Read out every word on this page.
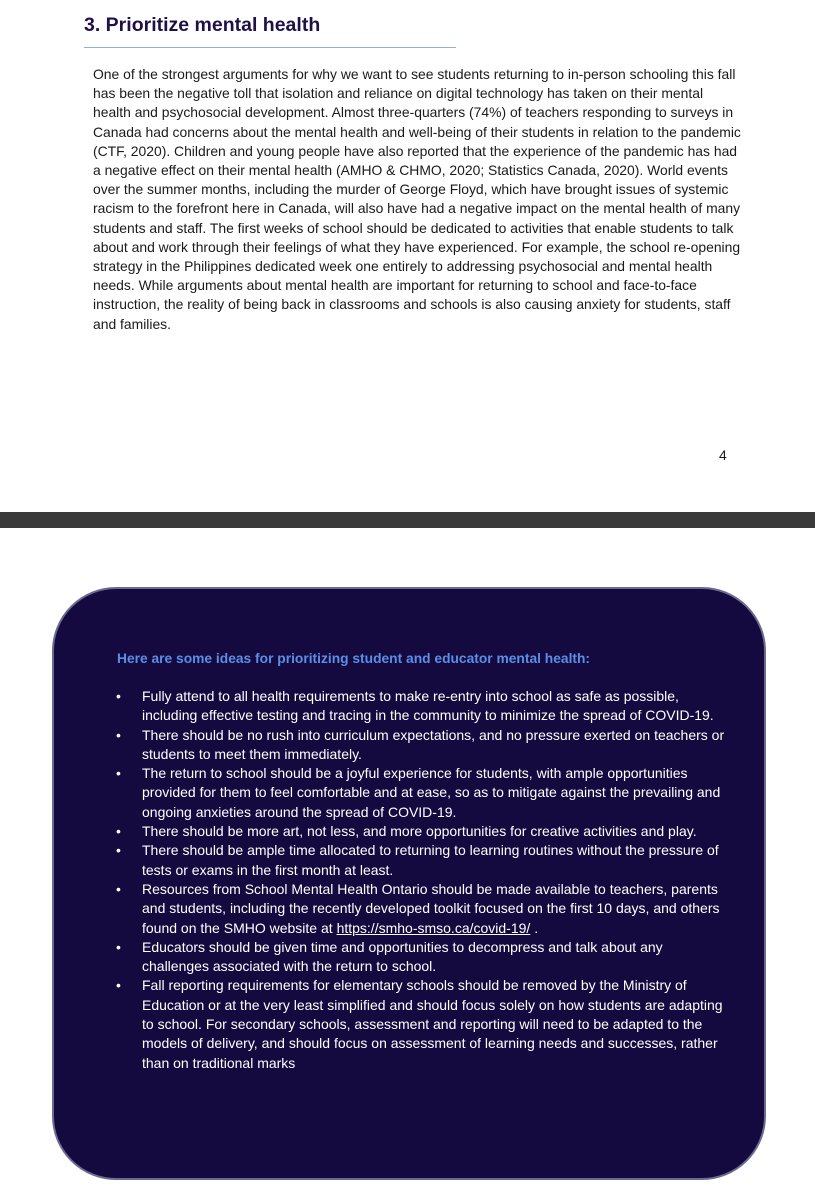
3. Prioritize mental health

One of the strongest arguments for why we want to see students returning to in-person schooling this fall has been the negative toll that isolation and reliance on digital technology has taken on their mental health and psychosocial development. Almost three-quarters (74%) of teachers responding to surveys in Canada had concerns about the mental health and well-being of their students in relation to the pandemic (CTF, 2020). Children and young people have also reported that the experience of the pandemic has had a negative effect on their mental health (AMHO & CHMO, 2020; Statistics Canada, 2020). World events over the summer months, including the murder of George Floyd, which have brought issues of systemic racism to the forefront here in Canada, will also have had a negative impact on the mental health of many students and staff. The first weeks of school should be dedicated to activities that enable students to talk about and work through their feelings of what they have experienced. For example, the school re-opening strategy in the Philippines dedicated week one entirely to addressing psychosocial and mental health needs. While arguments about mental health are important for returning to school and face-to-face instruction, the reality of being back in classrooms and schools is also causing anxiety for students, staff and families.

4
Here are some ideas for prioritizing student and educator mental health:
•	Fully attend to all health requirements to make re-entry into school as safe as possible, including effective testing and tracing in the community to minimize the spread of COVID-19.
•	There should be no rush into curriculum expectations, and no pressure exerted on teachers or students to meet them immediately.
•	The return to school should be a joyful experience for students, with ample opportunities provided for them to feel comfortable and at ease, so as to mitigate against the prevailing and ongoing anxieties around the spread of COVID-19.
•	There should be more art, not less, and more opportunities for creative activities and play.
•	There should be ample time allocated to returning to learning routines without the pressure of tests or exams in the first month at least.
•	Resources from School Mental Health Ontario should be made available to teachers, parents and students, including the recently developed toolkit focused on the first 10 days, and others found on the SMHO website at https://smho-smso.ca/covid-19/ .
•	Educators should be given time and opportunities to decompress and talk about any challenges associated with the return to school.
•	Fall reporting requirements for elementary schools should be removed by the Ministry of Education or at the very least simplified and should focus solely on how students are adapting to school. For secondary schools, assessment and reporting will need to be adapted to the models of delivery, and should focus on assessment of learning needs and successes, rather than on traditional marks
